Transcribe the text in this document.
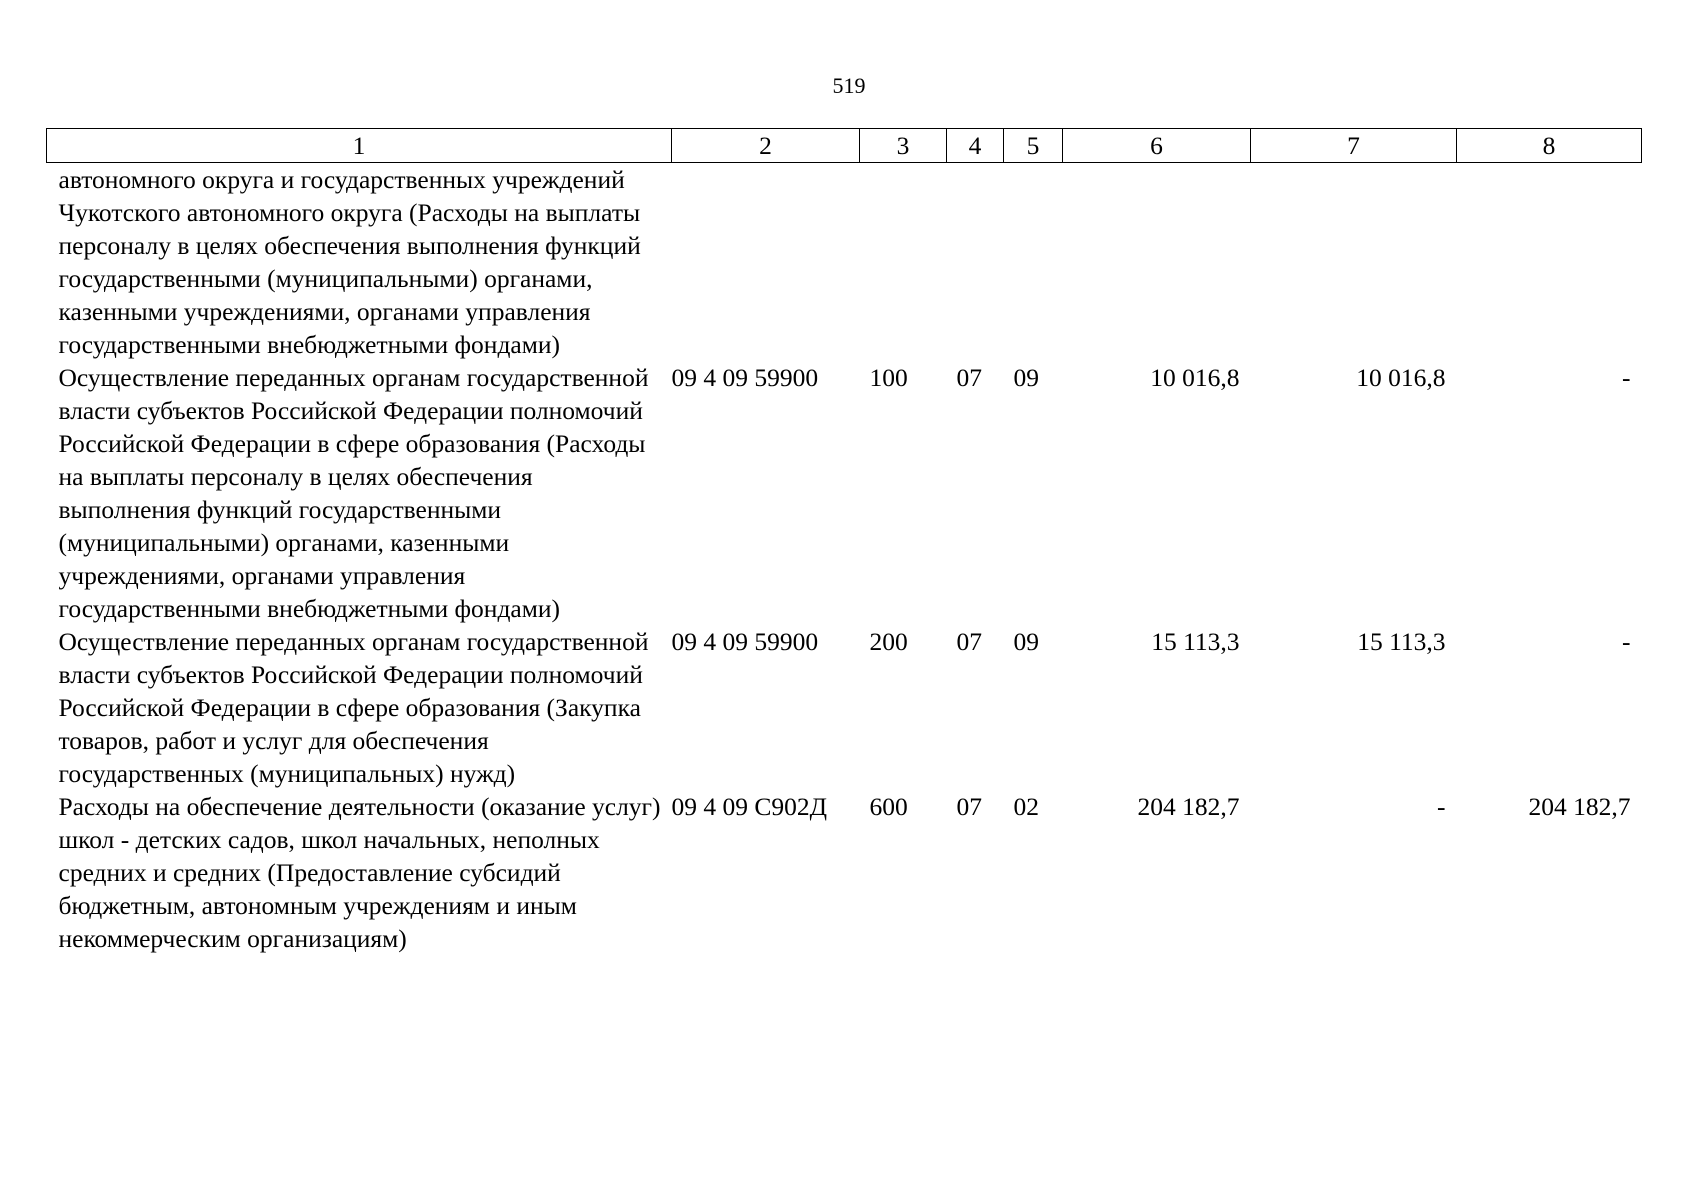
519
1	2	3	4	5	6	7	8
автономного округа и государственных учреждений Чукотского автономного округа (Расходы на выплаты персоналу в целях обеспечения выполнения функций государственными (муниципальными) органами, казенными учреждениями, органами управления государственными внебюджетными фондами)							
Осуществление переданных органам государственной власти субъектов Российской Федерации полномочий Российской Федерации в сфере образования (Расходы на выплаты персоналу в целях обеспечения выполнения функций государственными (муниципальными) органами, казенными учреждениями, органами управления государственными внебюджетными фондами)	09 4 09 59900	100	07	09	10 016,8	10 016,8	-
Осуществление переданных органам государственной власти субъектов Российской Федерации полномочий Российской Федерации в сфере образования (Закупка товаров, работ и услуг для обеспечения государственных (муниципальных) нужд)	09 4 09 59900	200	07	09	15 113,3	15 113,3	-
Расходы на обеспечение деятельности (оказание услуг) школ - детских садов, школ начальных, неполных средних и средних (Предоставление субсидий бюджетным, автономным учреждениям и иным некоммерческим организациям)	09 4 09 С902Д	600	07	02	204 182,7	-	204 182,7
